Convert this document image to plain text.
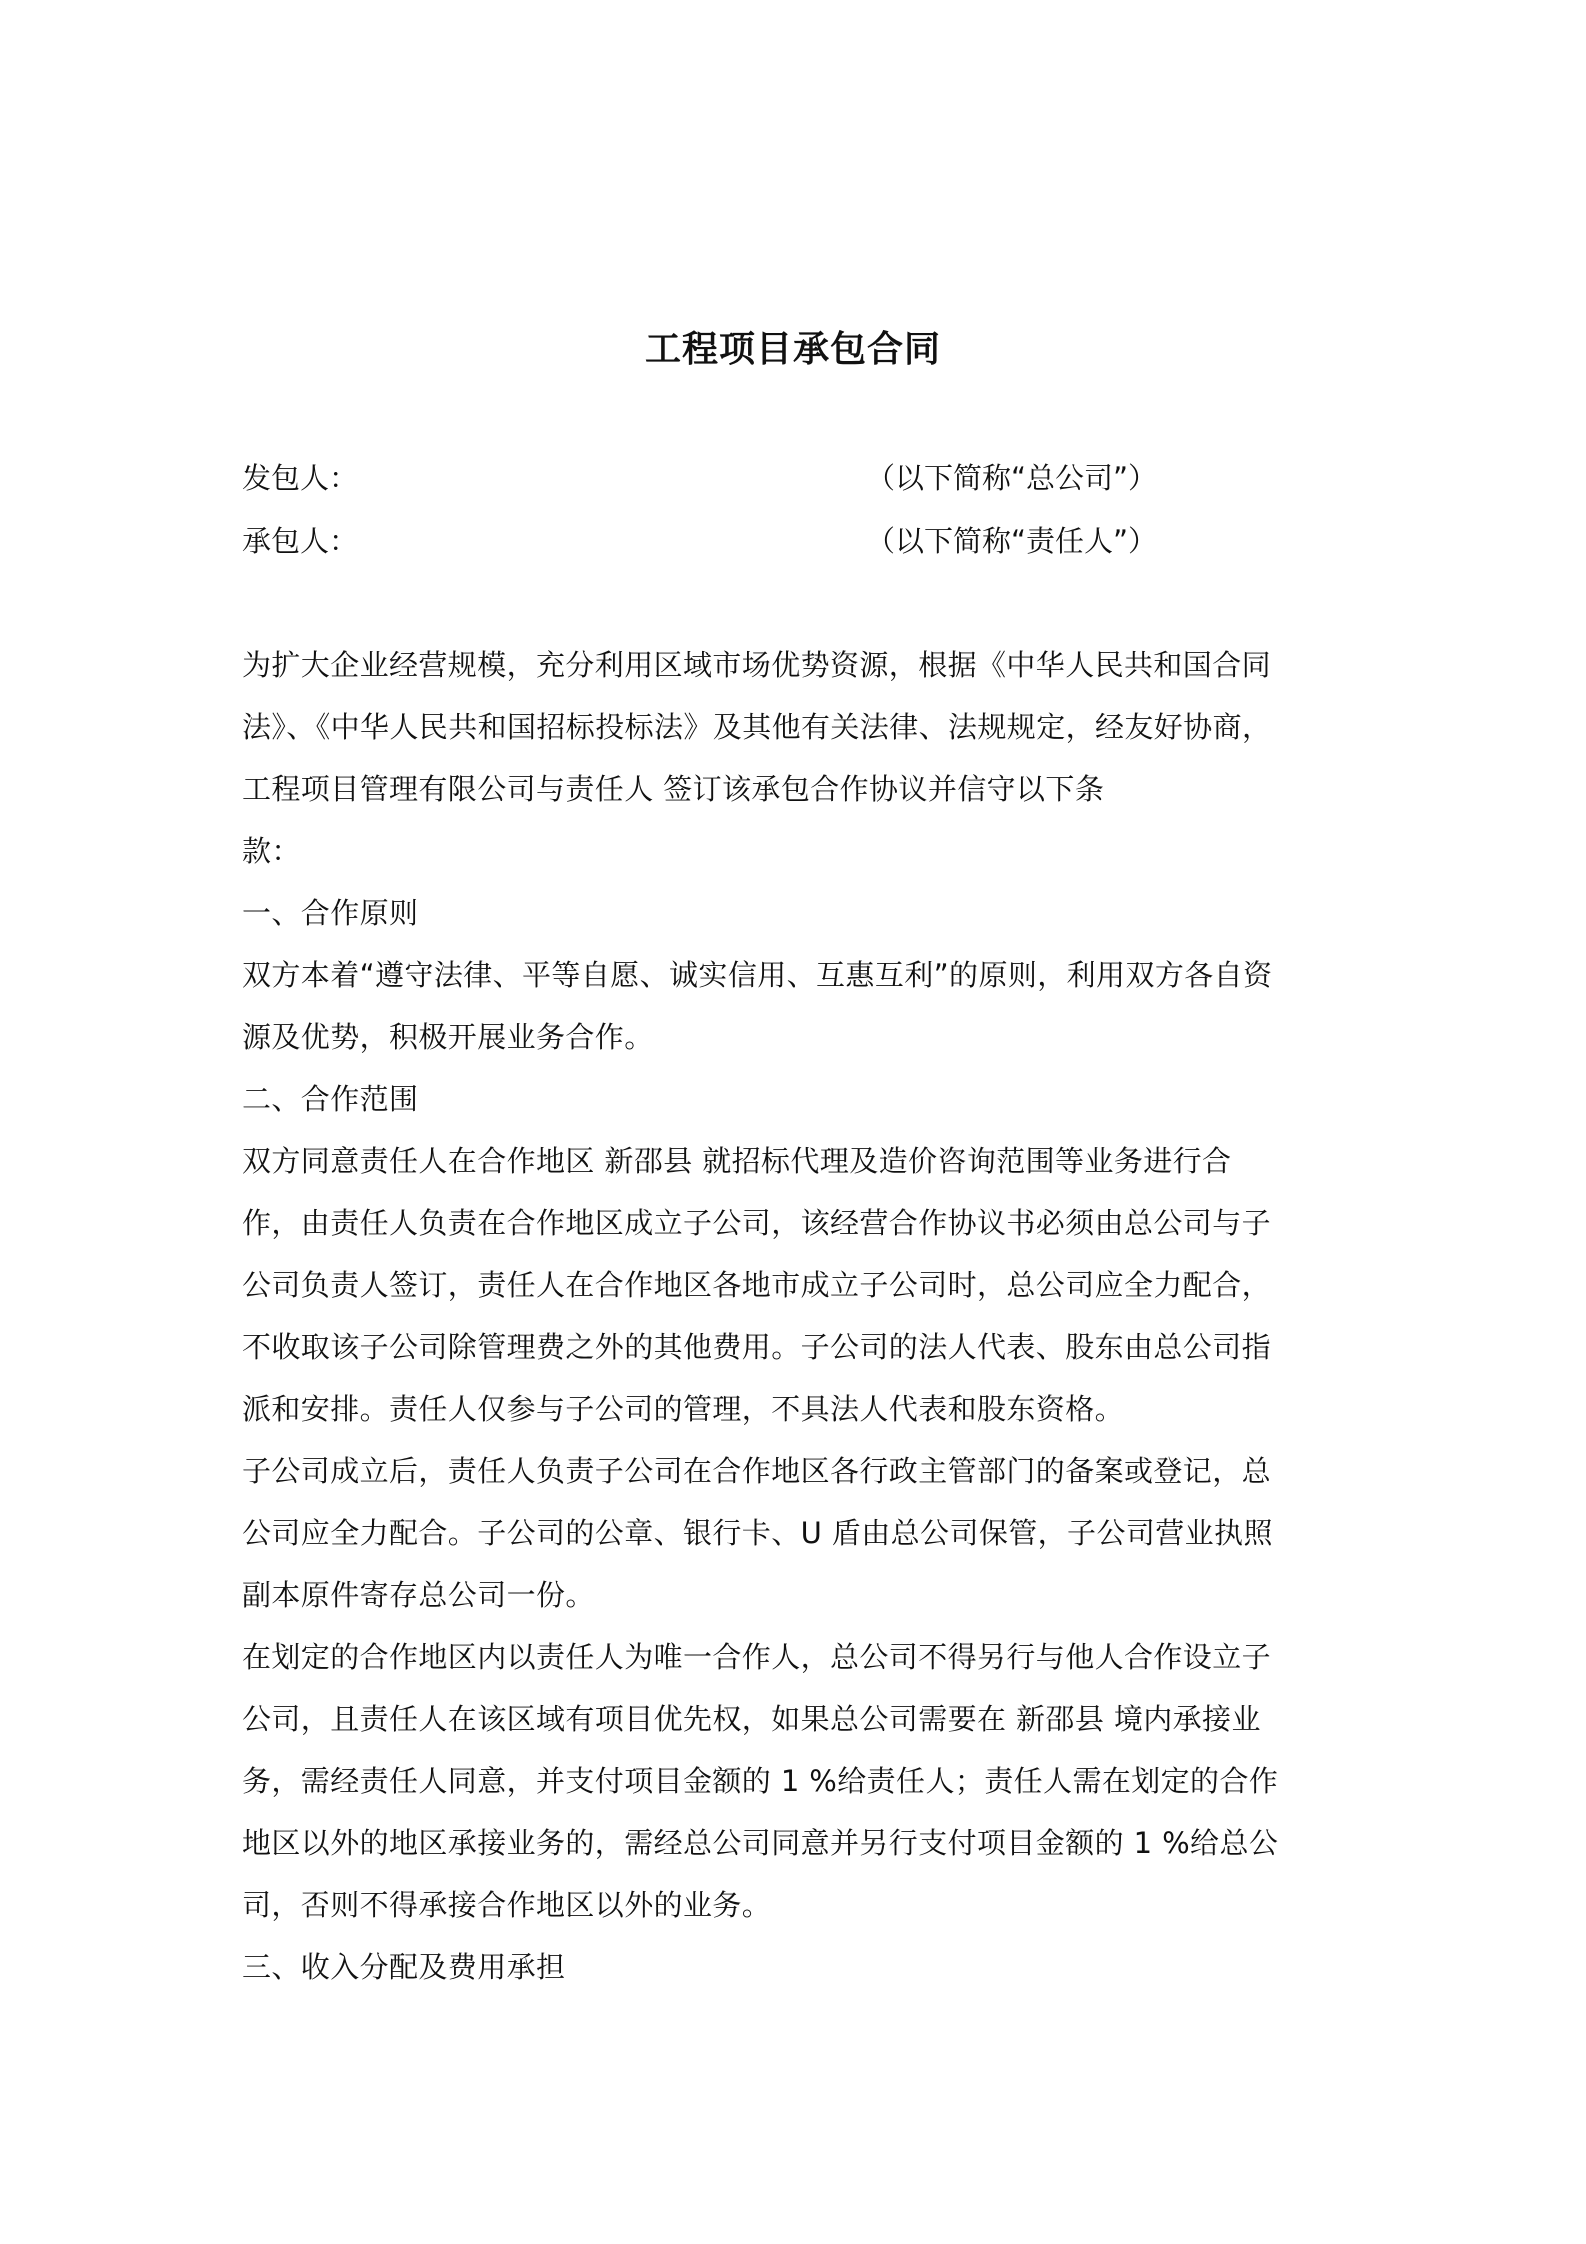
工程项目承包合同
发包人：	（以下简称“总公司”）
承包人：	（以下简称“责任人”）
为扩大企业经营规模，充分利用区域市场优势资源，根据《中华人民共和国合同
法》、《中华人民共和国招标投标法》及其他有关法律、法规规定，经友好协商，
工程项目管理有限公司与责任人 签订该承包合作协议并信守以下条
款：
一、合作原则
双方本着“遵守法律、平等自愿、诚实信用、互惠互利”的原则，利用双方各自资
源及优势，积极开展业务合作。
二、合作范围
双方同意责任人在合作地区 新邵县 就招标代理及造价咨询范围等业务进行合
作，由责任人负责在合作地区成立子公司，该经营合作协议书必须由总公司与子
公司负责人签订，责任人在合作地区各地市成立子公司时，总公司应全力配合，
不收取该子公司除管理费之外的其他费用。子公司的法人代表、股东由总公司指
派和安排。责任人仅参与子公司的管理，不具法人代表和股东资格。
子公司成立后，责任人负责子公司在合作地区各行政主管部门的备案或登记，总
公司应全力配合。子公司的公章、银行卡、U 盾由总公司保管，子公司营业执照
副本原件寄存总公司一份。
在划定的合作地区内以责任人为唯一合作人，总公司不得另行与他人合作设立子
公司，且责任人在该区域有项目优先权，如果总公司需要在 新邵县 境内承接业
务，需经责任人同意，并支付项目金额的 1 %给责任人；责任人需在划定的合作
地区以外的地区承接业务的，需经总公司同意并另行支付项目金额的 1 %给总公
司，否则不得承接合作地区以外的业务。
三、收入分配及费用承担
